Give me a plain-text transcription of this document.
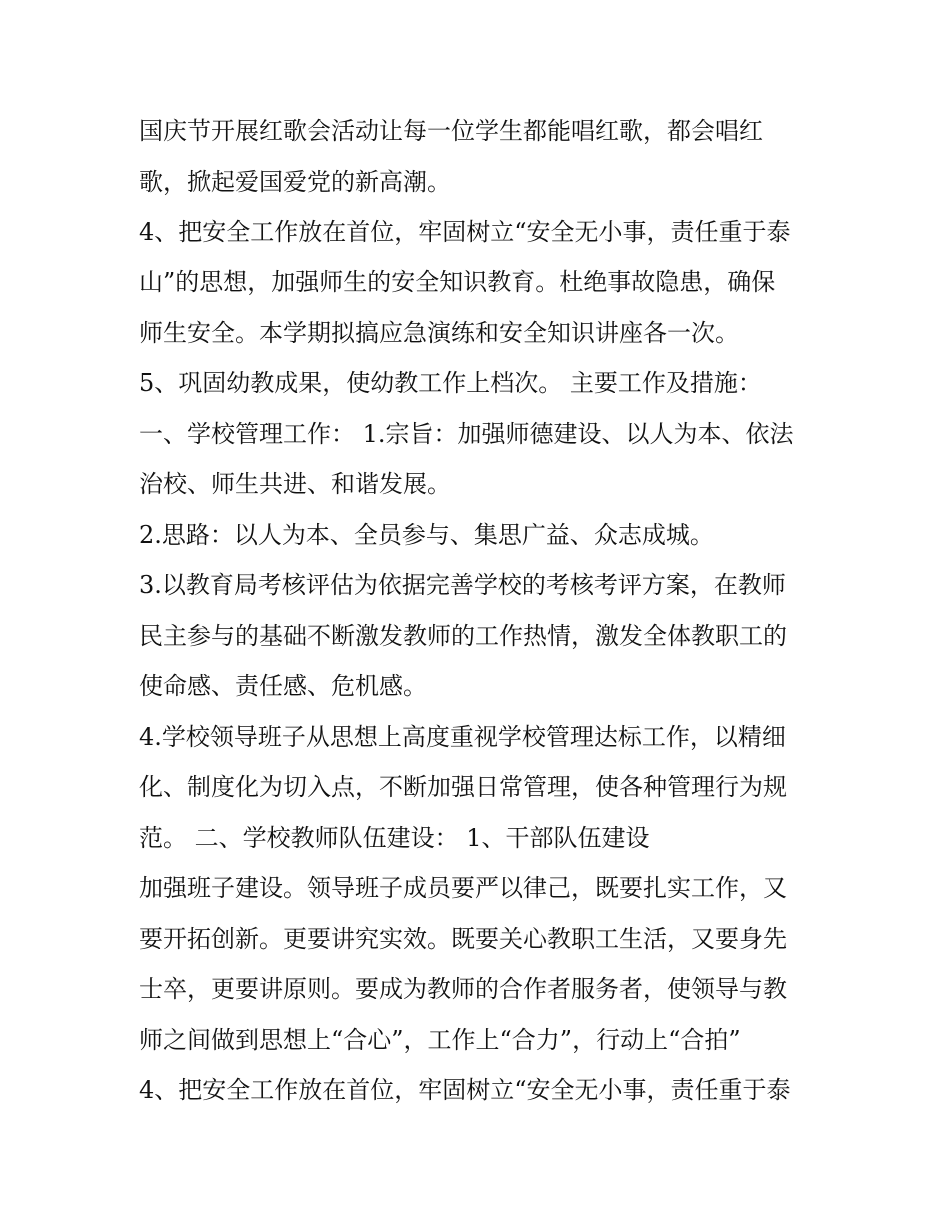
国庆节开展红歌会活动让每一位学生都能唱红歌，都会唱红
歌，掀起爱国爱党的新高潮。
4、把安全工作放在首位，牢固树立“安全无小事，责任重于泰
山”的思想，加强师生的安全知识教育。杜绝事故隐患，确保
师生安全。本学期拟搞应急演练和安全知识讲座各一次。
5、巩固幼教成果，使幼教工作上档次。 主要工作及措施：
一、学校管理工作： 1.宗旨：加强师德建设、以人为本、依法
治校、师生共进、和谐发展。
2.思路：以人为本、全员参与、集思广益、众志成城。
3.以教育局考核评估为依据完善学校的考核考评方案，在教师
民主参与的基础不断激发教师的工作热情，激发全体教职工的
使命感、责任感、危机感。
4.学校领导班子从思想上高度重视学校管理达标工作，以精细
化、制度化为切入点，不断加强日常管理，使各种管理行为规
范。 二、学校教师队伍建设： 1、干部队伍建设
加强班子建设。领导班子成员要严以律己，既要扎实工作，又
要开拓创新。更要讲究实效。既要关心教职工生活，又要身先
士卒，更要讲原则。要成为教师的合作者服务者，使领导与教
师之间做到思想上“合心”，工作上“合力”，行动上“合拍”
4、把安全工作放在首位，牢固树立“安全无小事，责任重于泰
